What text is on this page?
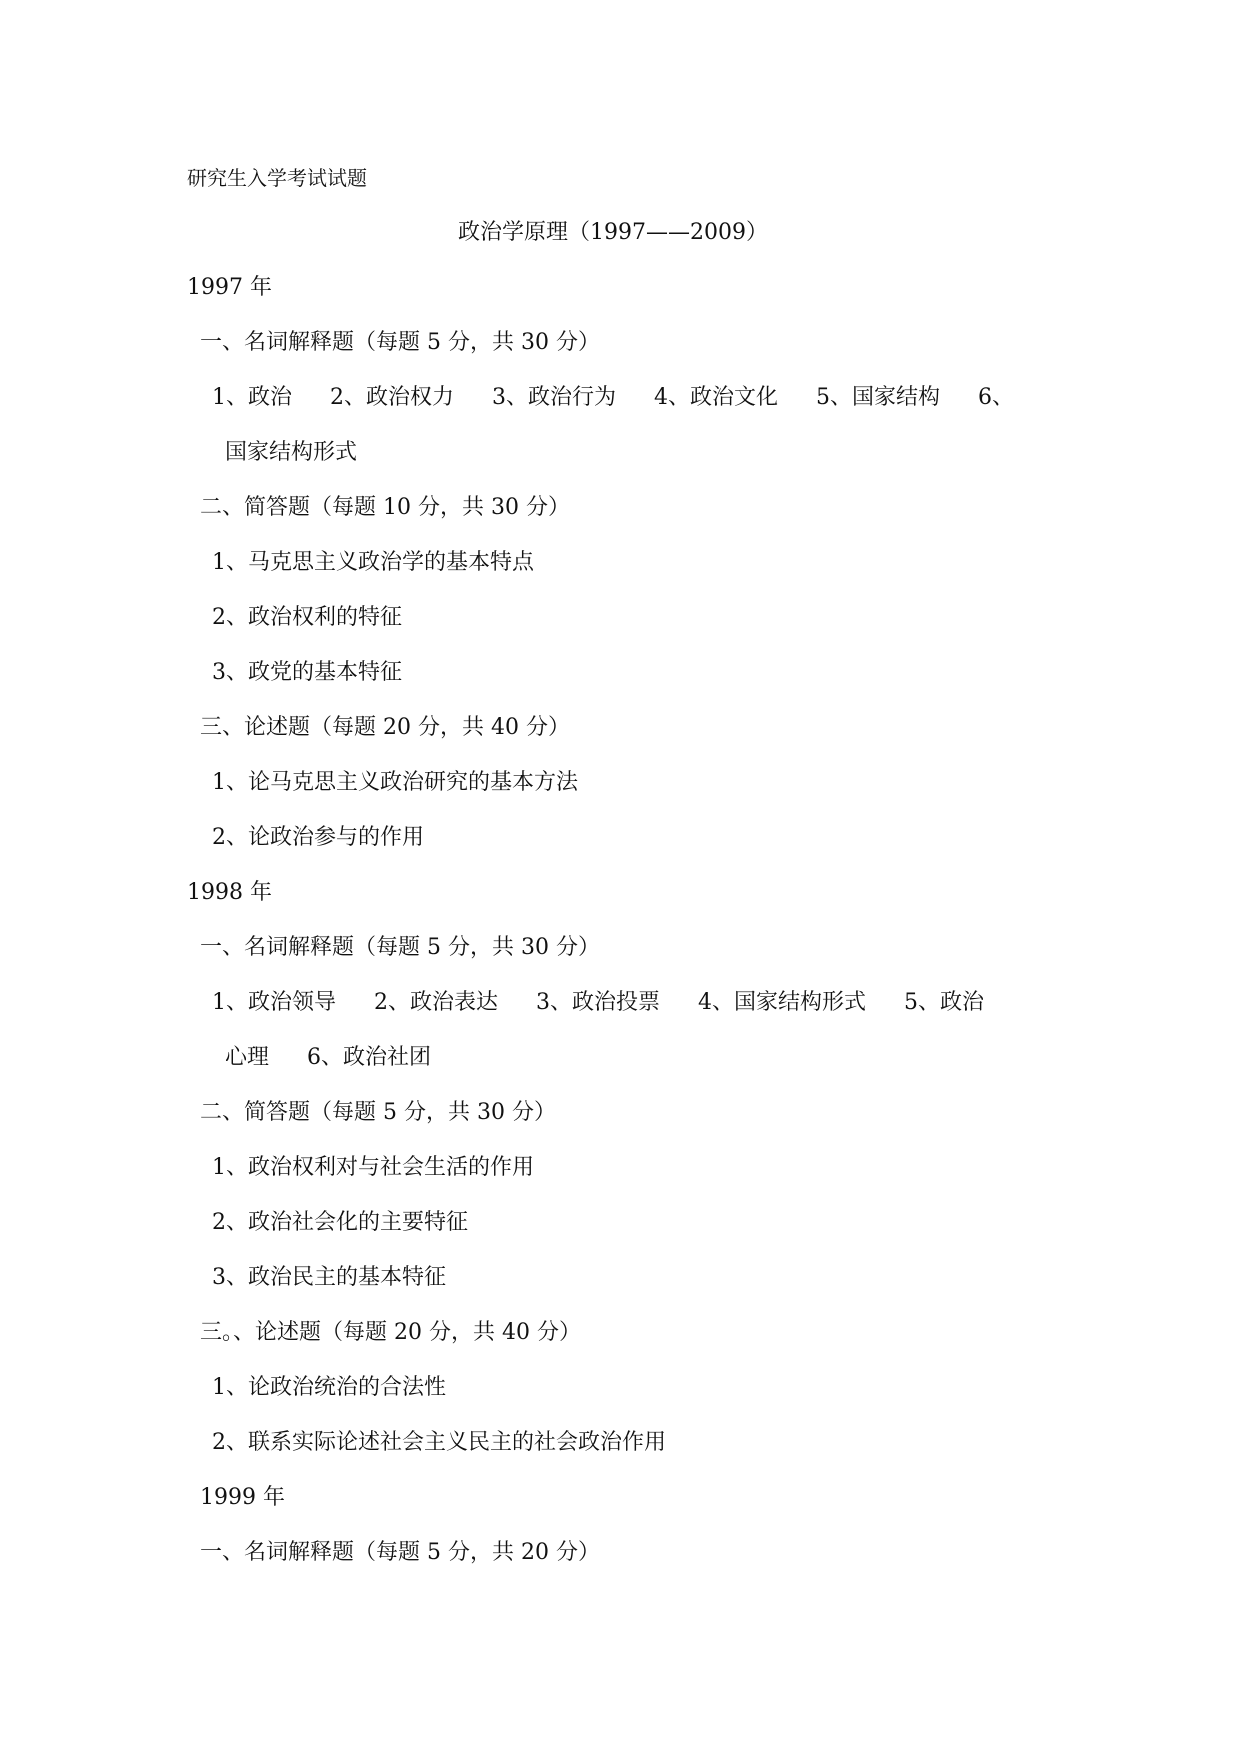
研究生入学考试试题
政治学原理（1997——2009）
1997 年
一、名词解释题（每题 5 分，共 30 分）
1、政治 2、政治权力 3、政治行为 4、政治文化 5、国家结构 6、
国家结构形式
二、简答题（每题 10 分，共 30 分）
1、马克思主义政治学的基本特点
2、政治权利的特征
3、政党的基本特征
三、论述题（每题 20 分，共 40 分）
1、论马克思主义政治研究的基本方法
2、论政治参与的作用
1998 年
一、名词解释题（每题 5 分，共 30 分）
1、政治领导 2、政治表达 3、政治投票 4、国家结构形式 5、政治
心理 6、政治社团
二、简答题（每题 5 分，共 30 分）
1、政治权利对与社会生活的作用
2、政治社会化的主要特征
3、政治民主的基本特征
三。、论述题（每题 20 分，共 40 分）
1、论政治统治的合法性
2、联系实际论述社会主义民主的社会政治作用
1999 年
一、名词解释题（每题 5 分，共 20 分）
